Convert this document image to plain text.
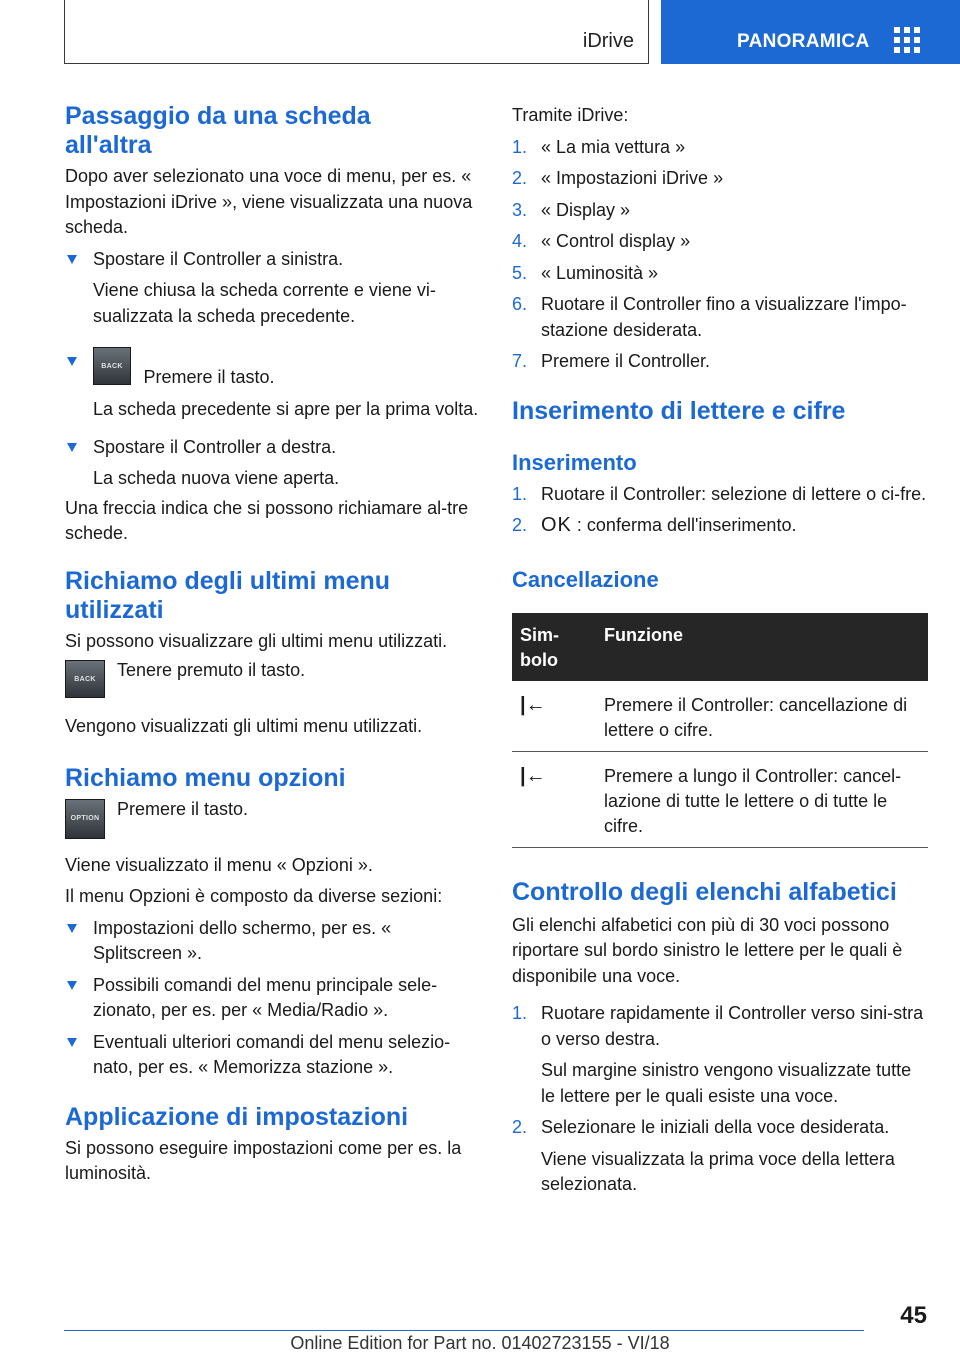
iDrive	PANORAMICA
Passaggio da una scheda
all'altra

Dopo aver selezionato una voce di menu, per es. « Impostazioni iDrive », viene visualizzata una nuova scheda.

Spostare il Controller a sinistra.

Viene chiusa la scheda corrente e viene vi-sualizzata la scheda precedente.

BACK Premere il tasto.

La scheda precedente si apre per la prima volta.

Spostare il Controller a destra.

La scheda nuova viene aperta.

Una freccia indica che si possono richiamare al-tre schede.

Richiamo degli ultimi menu
utilizzati

Si possono visualizzare gli ultimi menu utilizzati.

BACK Tenere premuto il tasto.

Vengono visualizzati gli ultimi menu utilizzati.

Richiamo menu opzioni
OPTION Premere il tasto.

Viene visualizzato il menu « Opzioni ».

Il menu Opzioni è composto da diverse sezioni:

Impostazioni dello schermo, per es. « Splitscreen ».

Possibili comandi del menu principale sele-zionato, per es. per « Media/Radio ».

Eventuali ulteriori comandi del menu selezio-nato, per es. « Memorizza stazione ».

Applicazione di impostazioni

Si possono eseguire impostazioni come per es. la luminosità.

Tramite iDrive:

1. « La mia vettura »

2. « Impostazioni iDrive »

3. « Display »

4. « Control display »

5. « Luminosità »

6. Ruotare il Controller fino a visualizzare l'impo-stazione desiderata.

7. Premere il Controller.

Inserimento di lettere e cifre
Inserimento
1. Ruotare il Controller: selezione di lettere o ci-fre.

2. OK : conferma dell'inserimento.

Cancellazione
Sim-
bolo	Funzione
|←	Premere il Controller: cancellazione di lettere o cifre.
|←	Premere a lungo il Controller: cancel-lazione di tutte le lettere o di tutte le cifre.
Controllo degli elenchi alfabetici

Gli elenchi alfabetici con più di 30 voci possono riportare sul bordo sinistro le lettere per le quali è disponibile una voce.

1. Ruotare rapidamente il Controller verso sini-stra o verso destra.

Sul margine sinistro vengono visualizzate tutte le lettere per le quali esiste una voce.

2. Selezionare le iniziali della voce desiderata.

Viene visualizzata la prima voce della lettera selezionata.

45
Online Edition for Part no. 01402723155 - VI/18
